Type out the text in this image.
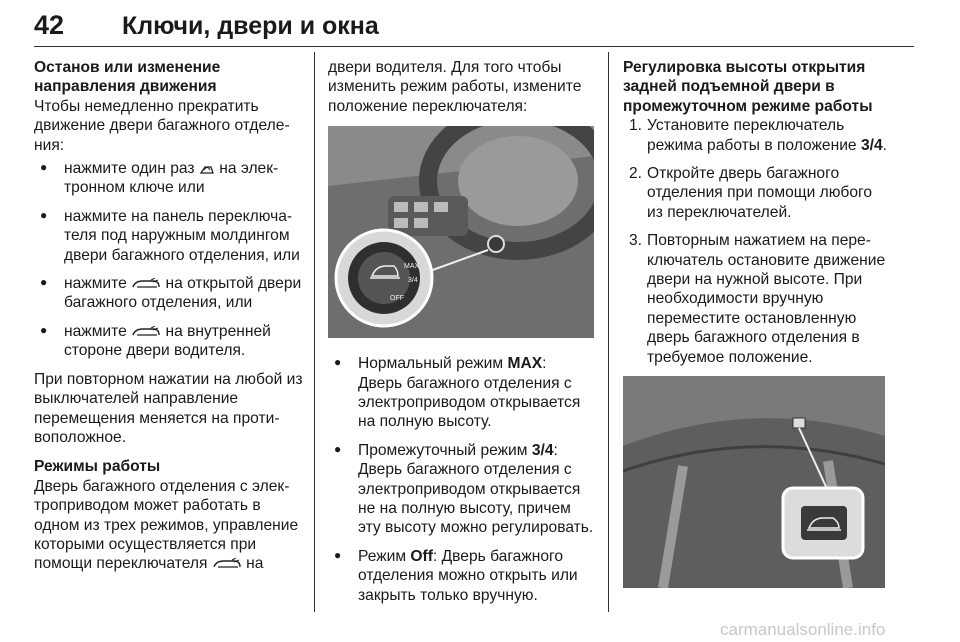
42 Ключи, двери и окна

Останов или изменение направления движения

Чтобы немедленно прекратить движение двери багажного отделения:

● нажмите один раз на электронном ключе или
● нажмите на панель переключателя под наружным молдингом двери багажного отделения, или
● нажмите на открытой двери багажного отделения, или
● нажмите на внутренней стороне двери водителя.

При повторном нажатии на любой из выключателей направление перемещения меняется на противоположное.

Режимы работы

Дверь багажного отделения с электроприводом может работать в одном из трех режимов, управление которыми осуществляется при помощи переключателя на

двери водителя. Для того чтобы изменить режим работы, измените положение переключателя:

MAX
3/4
OFF
● Нормальный режим MAX: Дверь багажного отделения с электроприводом открывается на полную высоту.
● Промежуточный режим 3/4: Дверь багажного отделения с электроприводом открывается не на полную высоту, причем эту высоту можно регулировать.
● Режим Off: Дверь багажного отделения можно открыть или закрыть только вручную.

Регулировка высоты открытия задней подъемной двери в промежуточном режиме работы

1. Установите переключатель режима работы в положение 3/4.
2. Откройте дверь багажного отделения при помощи любого из переключателей.
3. Повторным нажатием на переключатель остановите движение двери на нужной высоте. При необходимости вручную переместите остановленную дверь багажного отделения в требуемое положение.
carmanualsonline.info
